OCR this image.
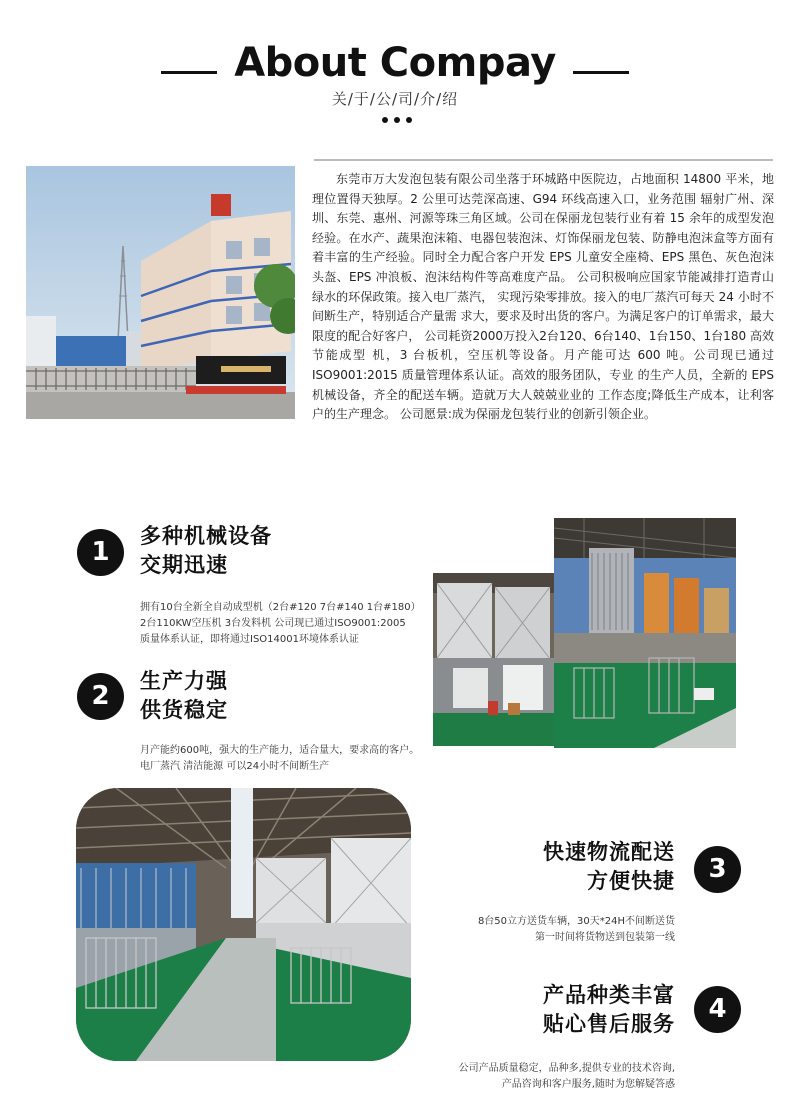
About Compay
关/于/公/司/介/绍

东莞市万大发泡包装有限公司坐落于环城路中医院边，占地面积 14800 平米，地理位置得天独厚。2 公里可达莞深高速、G94 环线高速入口，业务范围 辐射广州、深圳、东莞、惠州、河源等珠三角区域。公司在保丽龙包装行业有着 15 余年的成型发泡经验。在水产、蔬果泡沫箱、电器包装泡沫、灯饰保丽龙包装、防静电泡沫盒等方面有着丰富的生产经验。同时全力配合客户开发 EPS 儿童安全座椅、EPS 黑色、灰色泡沫头盔、EPS 冲浪板、泡沫结构件等高难度产品。 公司积极响应国家节能减排打造青山绿水的环保政策。接入电厂蒸汽， 实现污染零排放。接入的电厂蒸汽可每天 24 小时不间断生产，特别适合产量需 求大，要求及时出货的客户。为满足客户的订单需求，最大限度的配合好客户， 公司耗资2000万投入2台120、6台140、1台150、1台180 高效节能成型 机，3 台板机，空压机等设备。月产能可达 600 吨。公司现已通过 ISO9001:2015 质量管理体系认证。高效的服务团队，专业 的生产人员，全新的 EPS 机械设备，齐全的配送车辆。造就万大人兢兢业业的 工作态度;降低生产成本，让利客户的生产理念。 公司愿景:成为保丽龙包装行业的创新引领企业。

1
多种机械设备
交期迅速
拥有10台全新全自动成型机（2台#120 7台#140 1台#180）
2台110KW空压机 3台发料机 公司现已通过ISO9001:2005
质量体系认证，即将通过ISO14001环境体系认证
2	生产力强
供货稳定
月产能约600吨，强大的生产能力，适合量大，要求高的客户。
电厂蒸汽 清洁能源 可以24小时不间断生产
快速物流配送
方便快捷	3
8台50立方送货车辆，30天*24H不间断送货
第一时间将货物送到包装第一线
产品种类丰富
贴心售后服务	4
公司产品质量稳定，品种多,提供专业的技术咨询,
产品咨询和客户服务,随时为您解疑答惑
